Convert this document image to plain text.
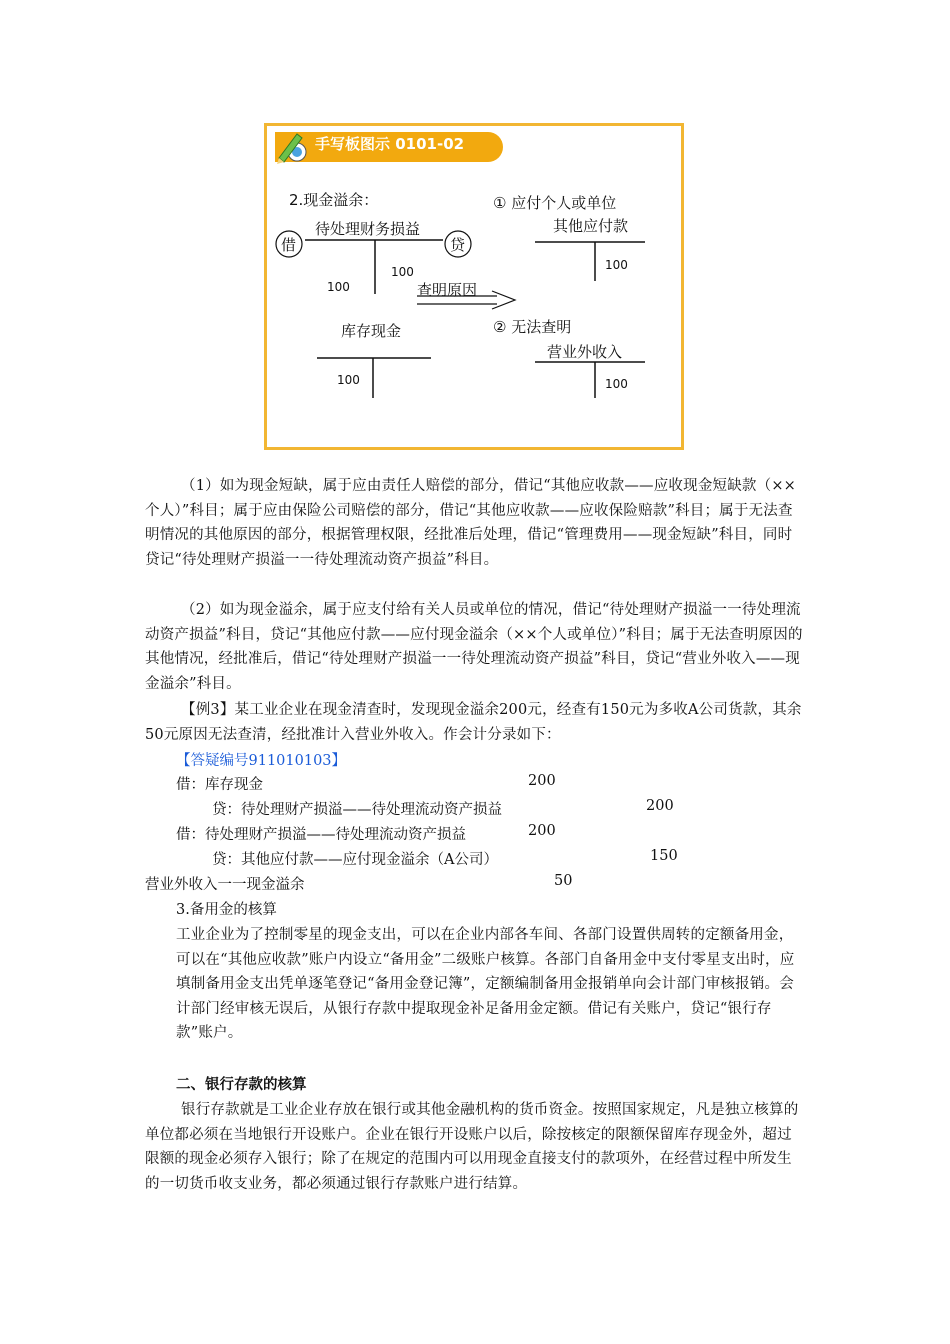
2.现金溢余：
待处理财务损益
借	贷
100
100
查明原因
① 应付个人或单位
其他应付款
100
② 无法查明
营业外收入
100
库存现金
100
手写板图示 0101-02

（1）如为现金短缺，属于应由责任人赔偿的部分，借记“其他应收款——应收现金短缺款（××个人）”科目；属于应由保险公司赔偿的部分，借记“其他应收款——应收保险赔款”科目；属于无法查明情况的其他原因的部分，根据管理权限，经批准后处理，借记“管理费用——现金短缺”科目，同时贷记“待处理财产损溢一一待处理流动资产损益”科目。

（2）如为现金溢余，属于应支付给有关人员或单位的情况，借记“待处理财产损溢一一待处理流动资产损益”科目，贷记“其他应付款——应付现金溢余（××个人或单位）”科目；属于无法查明原因的其他情况，经批准后，借记“待处理财产损溢一一待处理流动资产损益”科目，贷记“营业外收入——现金溢余”科目。

【例3】某工业企业在现金清查时，发现现金溢余200元，经查有150元为多收A公司货款，其余50元原因无法查清，经批准计入营业外收入。作会计分录如下：

【答疑编号911010103】
借：库存现金	200
贷：待处理财产损溢——待处理流动资产损益	200
借：待处理财产损溢——待处理流动资产损益	200
贷：其他应付款——应付现金溢余（A公司）	150
营业外收入一一现金溢余	50
3.备用金的核算

工业企业为了控制零星的现金支出，可以在企业内部各车间、各部门设置供周转的定额备用金，可以在“其他应收款”账户内设立“备用金”二级账户核算。各部门自备用金中支付零星支出时，应填制备用金支出凭单逐笔登记“备用金登记簿”，定额编制备用金报销单向会计部门审核报销。会计部门经审核无误后，从银行存款中提取现金补足备用金定额。借记有关账户，贷记“银行存款”账户。

二、银行存款的核算

银行存款就是工业企业存放在银行或其他金融机构的货币资金。按照国家规定，凡是独立核算的单位都必须在当地银行开设账户。企业在银行开设账户以后，除按核定的限额保留库存现金外，超过限额的现金必须存入银行；除了在规定的范围内可以用现金直接支付的款项外，在经营过程中所发生的一切货币收支业务，都必须通过银行存款账户进行结算。
